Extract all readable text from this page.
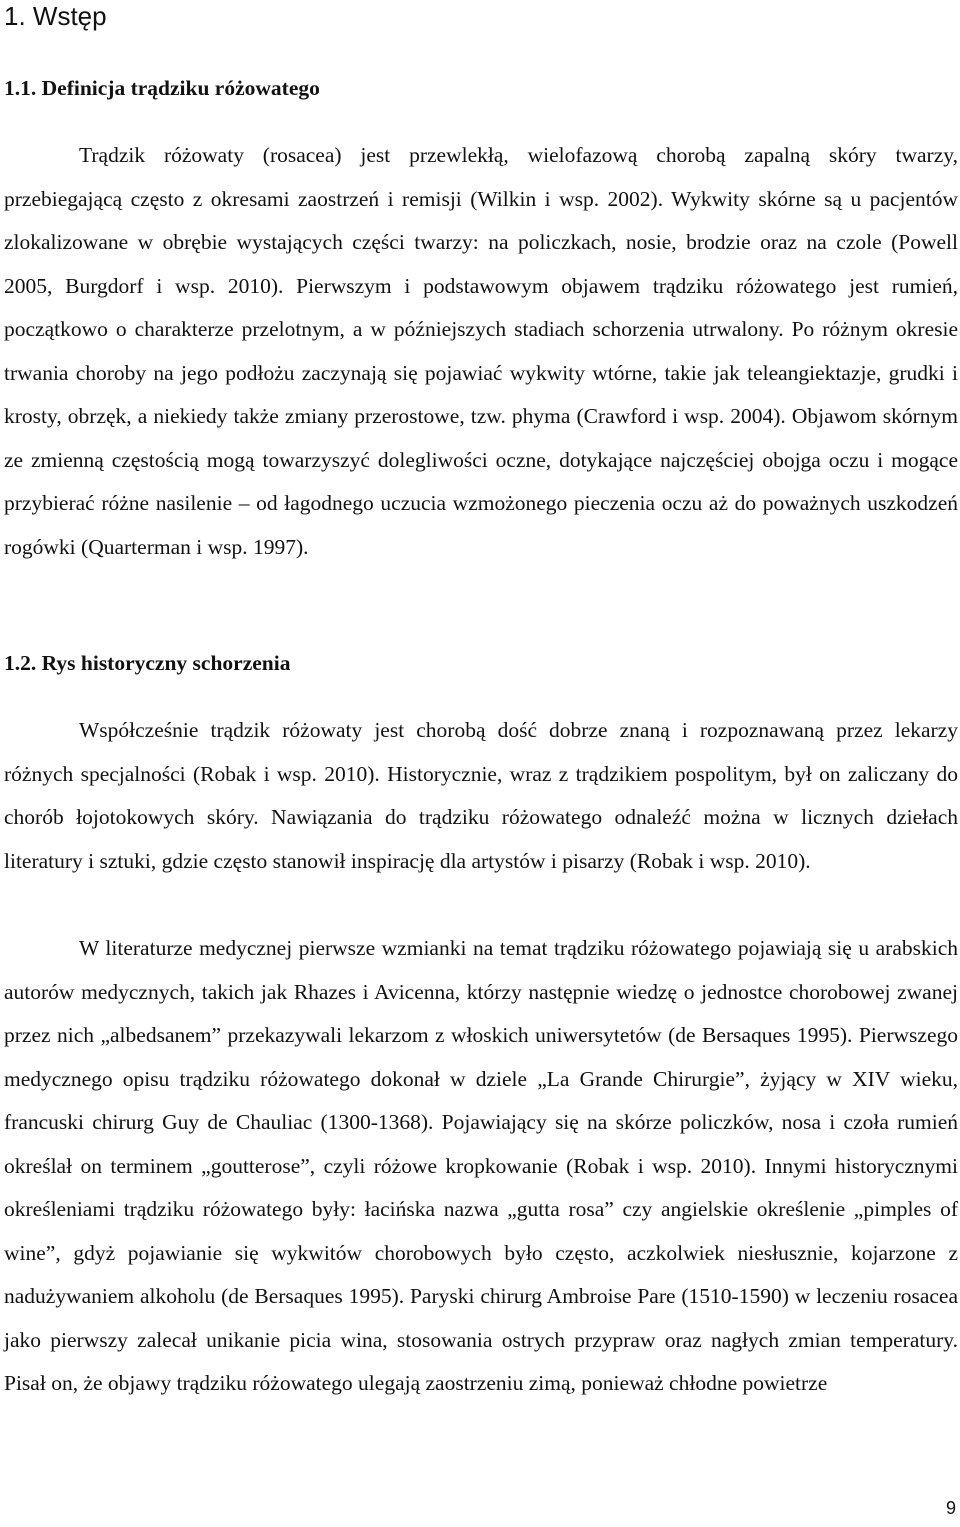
1. Wstęp
1.1. Definicja trądziku różowatego

Trądzik różowaty (rosacea) jest przewlekłą, wielofazową chorobą zapalną skóry twarzy, przebiegającą często z okresami zaostrzeń i remisji (Wilkin i wsp. 2002). Wykwity skórne są u pacjentów zlokalizowane w obrębie wystających części twarzy: na policzkach, nosie, brodzie oraz na czole (Powell 2005, Burgdorf i wsp. 2010). Pierwszym i podstawowym objawem trądziku różowatego jest rumień, początkowo o charakterze przelotnym, a w późniejszych stadiach schorzenia utrwalony. Po różnym okresie trwania choroby na jego podłożu zaczynają się pojawiać wykwity wtórne, takie jak teleangiektazje, grudki i krosty, obrzęk, a niekiedy także zmiany przerostowe, tzw. phyma (Crawford i wsp. 2004). Objawom skórnym ze zmienną częstością mogą towarzyszyć dolegliwości oczne, dotykające najczęściej obojga oczu i mogące przybierać różne nasilenie – od łagodnego uczucia wzmożonego pieczenia oczu aż do poważnych uszkodzeń rogówki (Quarterman i wsp. 1997).

1.2. Rys historyczny schorzenia

Współcześnie trądzik różowaty jest chorobą dość dobrze znaną i rozpoznawaną przez lekarzy różnych specjalności (Robak i wsp. 2010). Historycznie, wraz z trądzikiem pospolitym, był on zaliczany do chorób łojotokowych skóry. Nawiązania do trądziku różowatego odnaleźć można w licznych dziełach literatury i sztuki, gdzie często stanowił inspirację dla artystów i pisarzy (Robak i wsp. 2010).

W literaturze medycznej pierwsze wzmianki na temat trądziku różowatego pojawiają się u arabskich autorów medycznych, takich jak Rhazes i Avicenna, którzy następnie wiedzę o jednostce chorobowej zwanej przez nich „albedsanem” przekazywali lekarzom z włoskich uniwersytetów (de Bersaques 1995). Pierwszego medycznego opisu trądziku różowatego dokonał w dziele „La Grande Chirurgie”, żyjący w XIV wieku, francuski chirurg Guy de Chauliac (1300-1368). Pojawiający się na skórze policzków, nosa i czoła rumień określał on terminem „goutterose”, czyli różowe kropkowanie (Robak i wsp. 2010). Innymi historycznymi określeniami trądziku różowatego były: łacińska nazwa „gutta rosa” czy angielskie określenie „pimples of wine”, gdyż pojawianie się wykwitów chorobowych było często, aczkolwiek niesłusznie, kojarzone z nadużywaniem alkoholu (de Bersaques 1995). Paryski chirurg Ambroise Pare (1510-1590) w leczeniu rosacea jako pierwszy zalecał unikanie picia wina, stosowania ostrych przypraw oraz nagłych zmian temperatury. Pisał on, że objawy trądziku różowatego ulegają zaostrzeniu zimą, ponieważ chłodne powietrze

9
